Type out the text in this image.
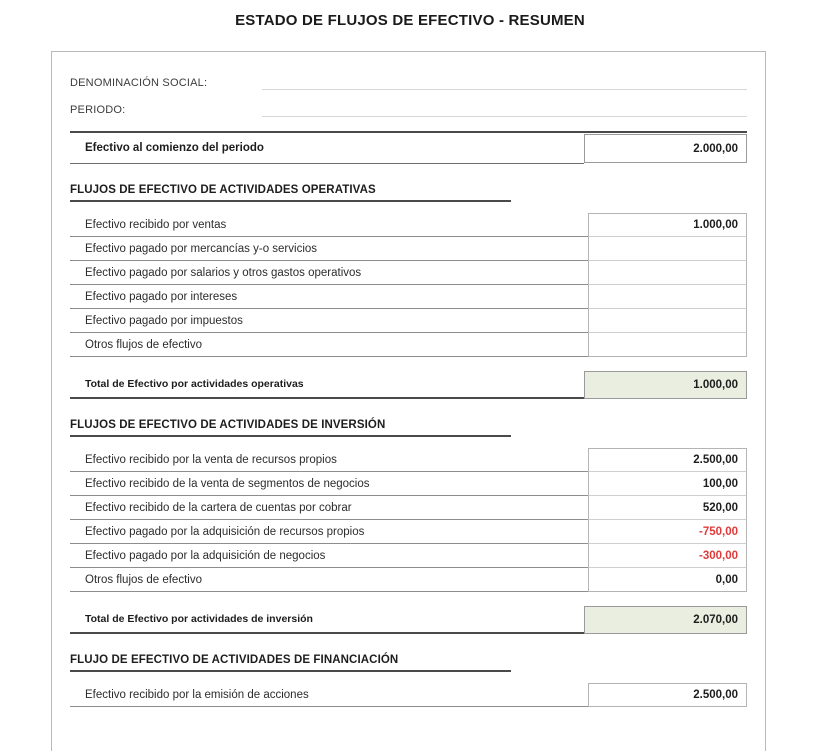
ESTADO DE FLUJOS DE EFECTIVO - RESUMEN
DENOMINACIÓN SOCIAL:
PERIODO:
Efectivo al comienzo del periodo	2.000,00
FLUJOS DE EFECTIVO DE ACTIVIDADES OPERATIVAS
Efectivo recibido por ventas	1.000,00
Efectivo pagado por mercancías y-o servicios
Efectivo pagado por salarios y otros gastos operativos
Efectivo pagado por intereses
Efectivo pagado por impuestos
Otros flujos de efectivo
Total de Efectivo por actividades operativas	1.000,00
FLUJOS DE EFECTIVO DE ACTIVIDADES DE INVERSIÓN
Efectivo recibido por la venta de recursos propios	2.500,00
Efectivo recibido de la venta de segmentos de negocios	100,00
Efectivo recibido de la cartera de cuentas por cobrar	520,00
Efectivo pagado por la adquisición de recursos propios	-750,00
Efectivo pagado por la adquisición de negocios	-300,00
Otros flujos de efectivo	0,00
Total de Efectivo por actividades de inversión	2.070,00
FLUJO DE EFECTIVO DE ACTIVIDADES DE FINANCIACIÓN
Efectivo recibido por la emisión de acciones	2.500,00
